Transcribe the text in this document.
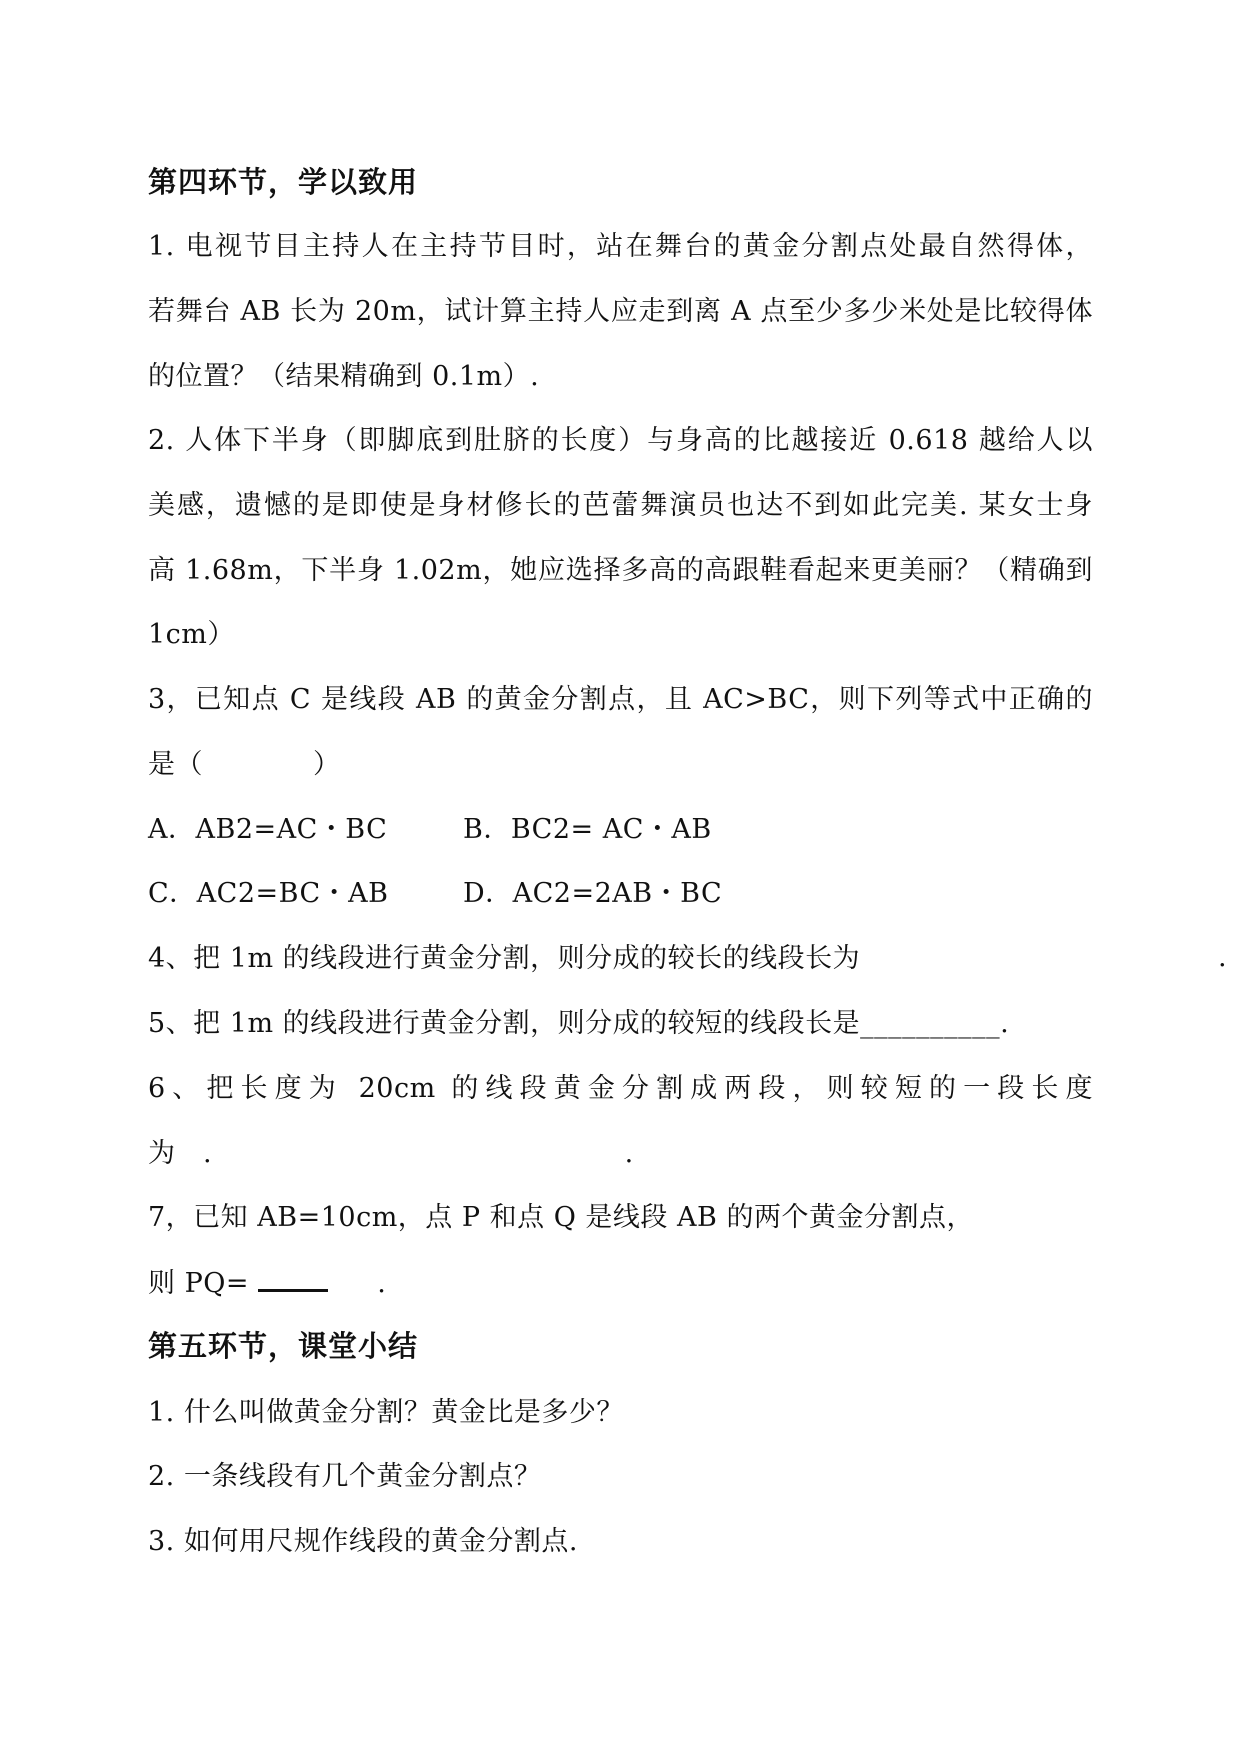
第四环节，学以致用
1. 电视节目主持人在主持节目时，站在舞台的黄金分割点处最自然得体，
若舞台 AB 长为 20m，试计算主持人应走到离 A 点至少多少米处是比较得体
的位置？（结果精确到 0.1m）.
2. 人体下半身（即脚底到肚脐的长度）与身高的比越接近 0.618 越给人以
美感，遗憾的是即使是身材修长的芭蕾舞演员也达不到如此完美. 某女士身
高 1.68m，下半身 1.02m，她应选择多高的高跟鞋看起来更美丽？（精确到
1cm）
3，已知点 C 是线段 AB 的黄金分割点，且 AC>BC，则下列等式中正确的
是（　　　　）
A．AB2=AC・BC	B．BC2= AC・AB
C．AC2=BC・AB	D．AC2=2AB・BC
4、把 1m 的线段进行黄金分割，则分成的较长的线段长为	.
5、把 1m 的线段进行黄金分割，则分成的较短的线段长是__________.
6、把长度为 20cm 的线段黄金分割成两段，则较短的一段长度
为　.　　　　　　　　　　　　　　　.
7，已知 AB=10cm，点 P 和点 Q 是线段 AB 的两个黄金分割点，
则 PQ=	.
第五环节，课堂小结
1. 什么叫做黄金分割？黄金比是多少？
2. 一条线段有几个黄金分割点？
3. 如何用尺规作线段的黄金分割点.
